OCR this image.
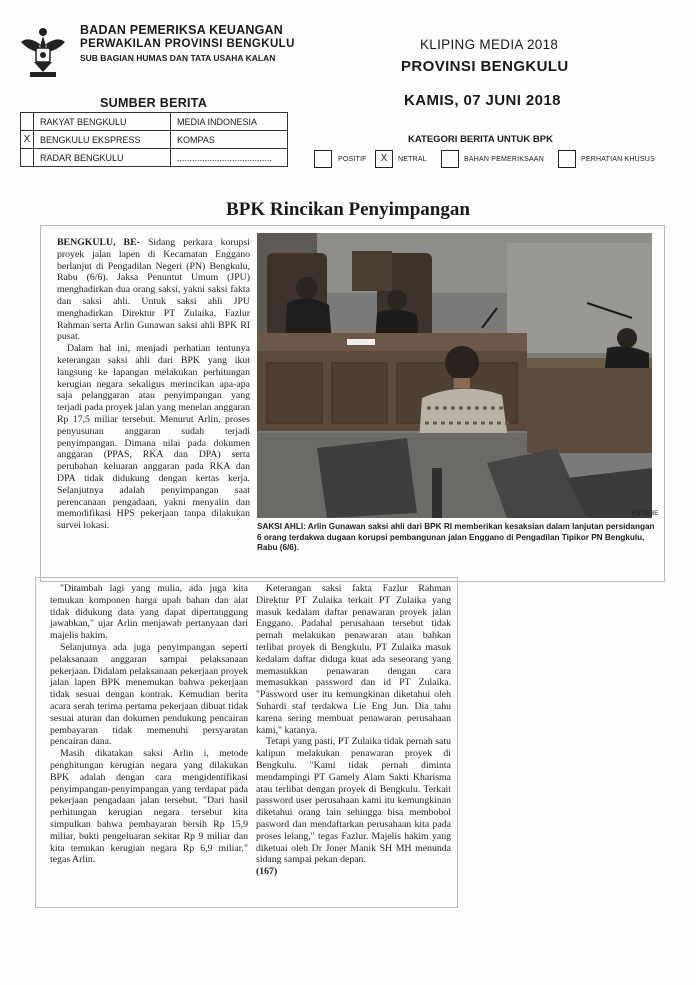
BADAN PEMERIKSA KEUANGAN
PERWAKILAN PROVINSI BENGKULU
SUB BAGIAN HUMAS DAN TATA USAHA KALAN
KLIPING MEDIA 2018
PROVINSI BENGKULU
KAMIS, 07 JUNI 2018
SUMBER BERITA
	RAKYAT BENGKULU	MEDIA INDONESIA
X	BENGKULU EKSPRESS	KOMPAS
	RADAR BENGKULU	......................................
KATEGORI BERITA UNTUK BPK
POSITIF	X	NETRAL	BAHAN PEMERIKSAAN	PERHATIAN KHUSUS
BPK Rincikan Penyimpangan

BENGKULU, BE- Sidang perkara korupsi proyek jalan lapen di Kecamatan Enggano berlanjut di Pengadilan Negeri (PN) Bengkulu, Rabu (6/6). Jaksa Penuntut Umum (JPU) menghadirkan dua orang saksi, yakni saksi fakta dan saksi ahli. Untuk saksi ahli JPU menghadirkan Direktur PT Zulaika, Fazlur Rahman serta Arlin Gunawan saksi ahli BPK RI pusat.

Dalam hal ini, menjadi perhatian tentunya keterangan saksi ahli dari BPK yang ikut langsung ke lapangan melakukan perhitungan kerugian negara sekaligus merincikan apa-apa saja pelanggaran atau penyimpangan yang terjadi pada proyek jalan yang menelan anggaran Rp 17,5 miliar tersebut. Menurut Arlin, proses penyusunan anggaran sudah terjadi penyimpangan. Dimana nilai pada dokumen anggaran (PPAS, RKA dan DPA) serta perubahan keluaran anggaran pada RKA dan DPA tidak didukung dengan kertas kerja. Selanjutnya adalah penyimpangan saat perencanaan pengadaan, yakni menyalin dan memodifikasi HPS pekerjaan tanpa dilakukan survei lokasi.

FOTO/BE
SAKSI AHLI: Arlin Gunawan saksi ahli dari BPK RI memberikan kesaksian dalam lanjutan persidangan 6 orang terdakwa dugaan korupsi pembangunan jalan Enggano di Pengadilan Tipikor PN Bengkulu, Rabu (6/6).

"Ditambah lagi yang mulia, ada juga kita temukan komponen harga upah bahan dan alat tidak didukung data yang dapat dipertanggung jawabkan," ujar Arlin menjawab pertanyaan dari majelis hakim.

Selanjutnya ada juga penyimpangan seperti pelaksanaan anggaran sampai pelaksanaan pekerjaan. Didalam pelaksanaan pekerjaan proyek jalan lapen BPK menemukan bahwa pekerjaan tidak sesuai dengan kontrak. Kemudian berita acara serah terima pertama pekerjaan dibuat tidak sesuai aturan dan dokumen pendukung pencairan pembayaran tidak memenuhi persyaratan pencairan dana.

Masih dikatakan saksi Arlin i, metode penghitungan kerugian negara yang dilakukan BPK adalah dengan cara mengidentifikasi penyimpangan-penyimpangan yang terdapat pada pekerjaan pengadaan jalan tersebut. "Dari hasil perhitungan kerugian negara tersebut kita simpulkan bahwa pembayaran bersih Rp 15,9 miliar, bukti pengeluaran sekitar Rp 9 miliar dan kita temukan kerugian negara Rp 6,9 miliar," tegas Arlin.

Keterangan saksi fakta Fazlur Rahman Direktur PT Zulaika terkait PT Zulaika yang masuk kedalam daftar penawaran proyek jalan Enggano. Padahal perusahaan tersebut tidak pernah melakukan penawaran atau bahkan terlibat proyek di Bengkulu. PT Zulaika masuk kedalam daftar diduga kuat ada seseorang yang memasukkan penawaran dengan cara memasukkan password dan id PT Zulaika. "Password user itu kemungkinan diketahui oleh Suhardi staf terdakwa Lie Eng Jun. Dia tahu karena sering membuat penawaran perusahaan kami," katanya.

Tetapi yang pasti, PT Zulaika tidak pernah satu kalipun melakukan penawaran proyek di Bengkulu. "Kami tidak pernah diminta mendampingi PT Gamely Alam Sakti Kharisma atau terlibat dengan proyek di Bengkulu. Terkait password user perusahaan kami itu kemungkinan diketahui orang lain sehingga bisa membobol pasword dan mendaftarkan perusahaan kita pada proses lelang," tegas Fazlur. Majelis hakim yang diketuai oleh Dr Joner Manik SH MH menunda sidang sampai pekan depan.

(167)
